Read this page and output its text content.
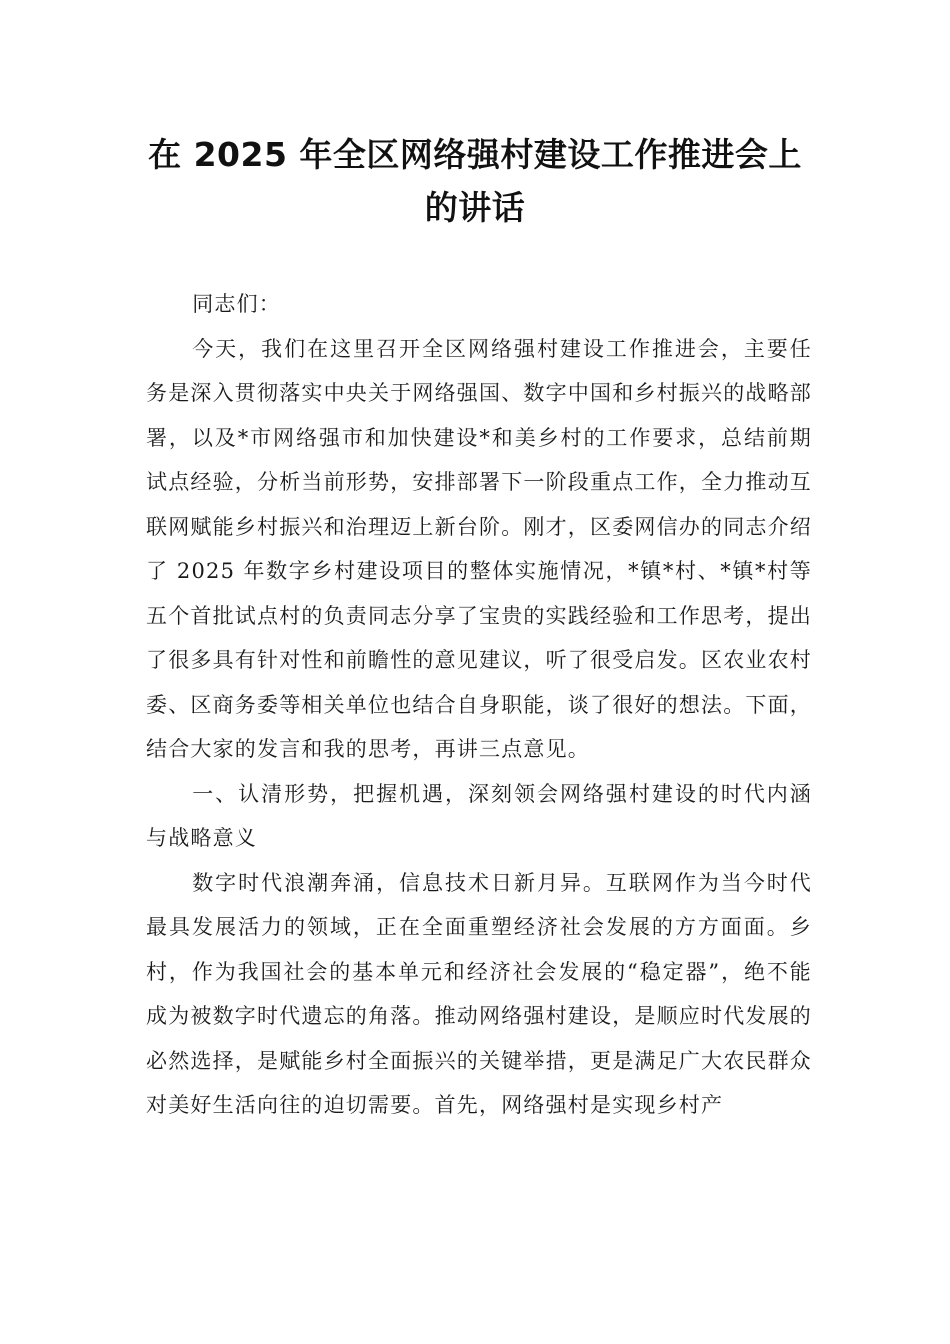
在 2025 年全区网络强村建设工作推进会上的讲话

同志们：

今天，我们在这里召开全区网络强村建设工作推进会，主要任务是深入贯彻落实中央关于网络强国、数字中国和乡村振兴的战略部署，以及*市网络强市和加快建设*和美乡村的工作要求，总结前期试点经验，分析当前形势，安排部署下一阶段重点工作，全力推动互联网赋能乡村振兴和治理迈上新台阶。刚才，区委网信办的同志介绍了 2025 年数字乡村建设项目的整体实施情况，*镇*村、*镇*村等五个首批试点村的负责同志分享了宝贵的实践经验和工作思考，提出了很多具有针对性和前瞻性的意见建议，听了很受启发。区农业农村委、区商务委等相关单位也结合自身职能，谈了很好的想法。下面，结合大家的发言和我的思考，再讲三点意见。

一、认清形势，把握机遇，深刻领会网络强村建设的时代内涵与战略意义

数字时代浪潮奔涌，信息技术日新月异。互联网作为当今时代最具发展活力的领域，正在全面重塑经济社会发展的方方面面。乡村，作为我国社会的基本单元和经济社会发展的“稳定器”，绝不能成为被数字时代遗忘的角落。推动网络强村建设，是顺应时代发展的必然选择，是赋能乡村全面振兴的关键举措，更是满足广大农民群众对美好生活向往的迫切需要。首先，网络强村是实现乡村产
